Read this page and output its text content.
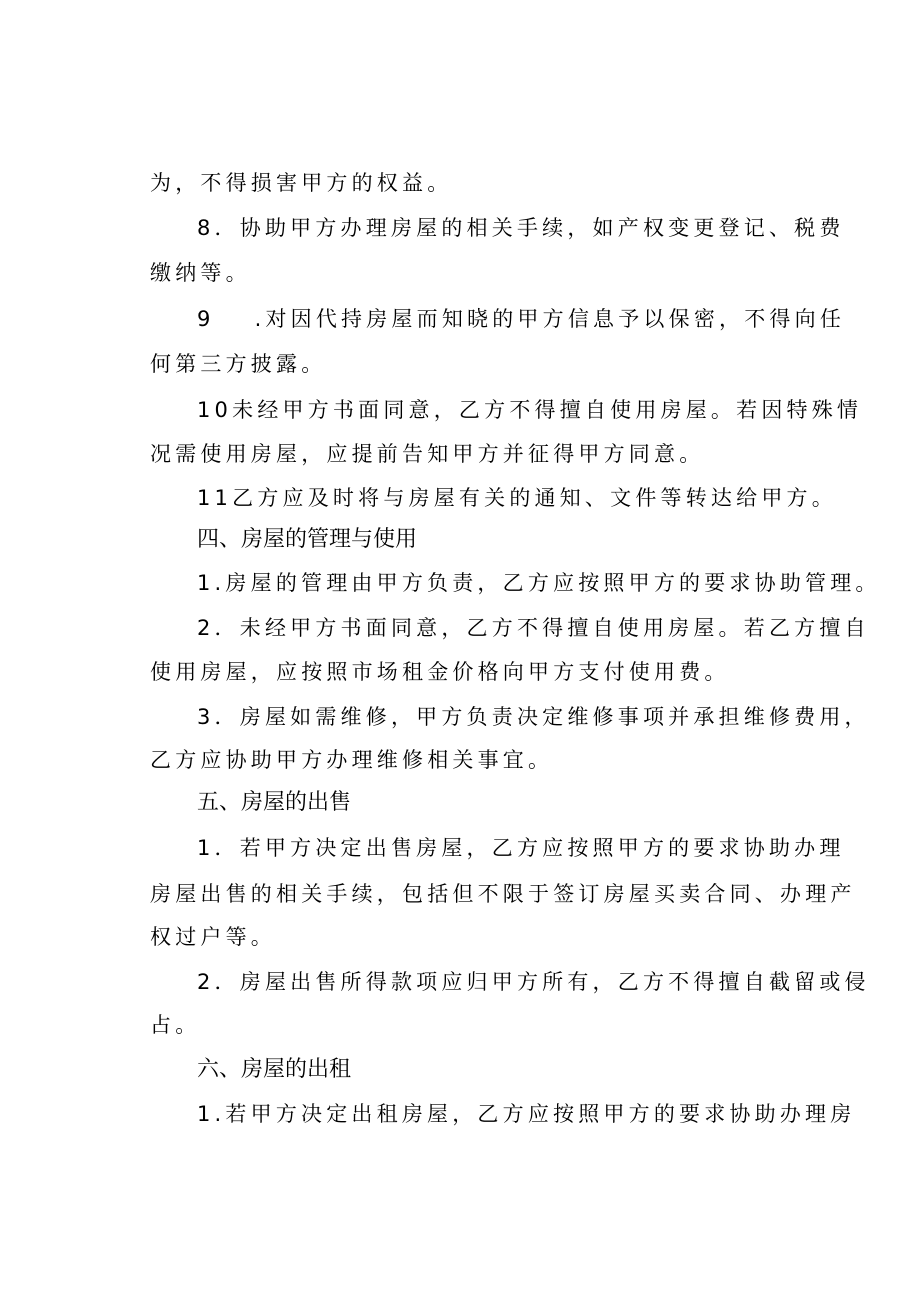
为，不得损害甲方的权益。
8．协助甲方办理房屋的相关手续，如产权变更登记、税费
缴纳等。
9 .对因代持房屋而知晓的甲方信息予以保密，不得向任
何第三方披露。
10未经甲方书面同意，乙方不得擅自使用房屋。若因特殊情
况需使用房屋，应提前告知甲方并征得甲方同意。
11乙方应及时将与房屋有关的通知、文件等转达给甲方。
四、房屋的管理与使用
1.房屋的管理由甲方负责，乙方应按照甲方的要求协助管理。
2．未经甲方书面同意，乙方不得擅自使用房屋。若乙方擅自
使用房屋，应按照市场租金价格向甲方支付使用费。
3．房屋如需维修，甲方负责决定维修事项并承担维修费用，
乙方应协助甲方办理维修相关事宜。
五、房屋的出售
1．若甲方决定出售房屋，乙方应按照甲方的要求协助办理
房屋出售的相关手续，包括但不限于签订房屋买卖合同、办理产
权过户等。
2．房屋出售所得款项应归甲方所有，乙方不得擅自截留或侵
占。
六、房屋的出租
1.若甲方决定出租房屋，乙方应按照甲方的要求协助办理房
